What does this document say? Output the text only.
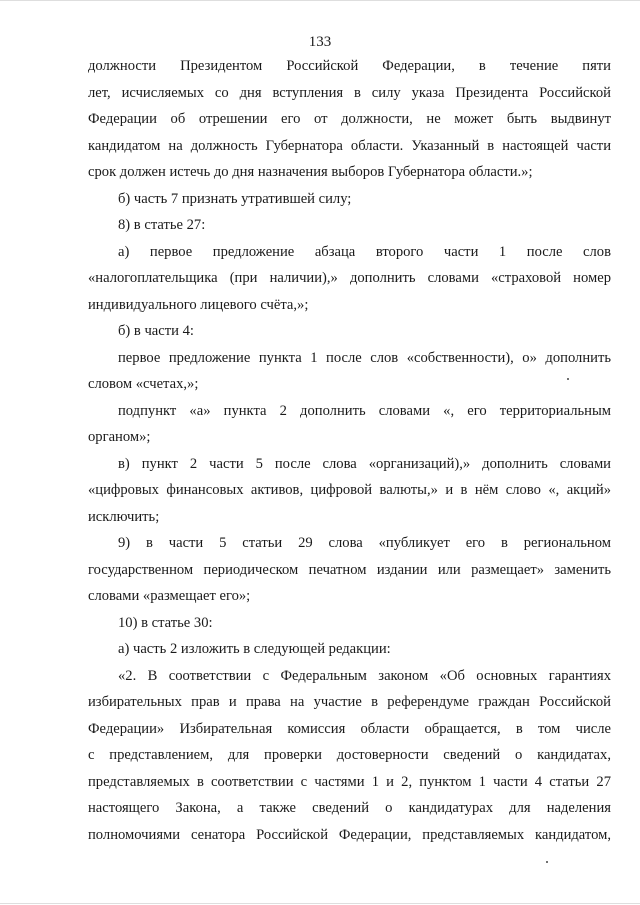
133
должности Президентом Российской Федерации, в течение пяти
лет, исчисляемых со дня вступления в силу указа Президента Российской
Федерации об отрешении его от должности, не может быть выдвинут
кандидатом на должность Губернатора области. Указанный в настоящей части
срок должен истечь до дня назначения выборов Губернатора области.»;
б) часть 7 признать утратившей силу;
8) в статье 27:
а) первое предложение абзаца второго части 1 после слов
«налогоплательщика (при наличии),» дополнить словами «страховой номер
индивидуального лицевого счёта,»;
б) в части 4:
первое предложение пункта 1 после слов «собственности), о» дополнить
словом «счетах,»;
подпункт «а» пункта 2 дополнить словами «, его территориальным
органом»;
в) пункт 2 части 5 после слова «организаций),» дополнить словами
«цифровых финансовых активов, цифровой валюты,» и в нём слово «, акций»
исключить;
9) в части 5 статьи 29 слова «публикует его в региональном
государственном периодическом печатном издании или размещает» заменить
словами «размещает его»;
10) в статье 30:
а) часть 2 изложить в следующей редакции:
«2. В соответствии с Федеральным законом «Об основных гарантиях
избирательных прав и права на участие в референдуме граждан Российской
Федерации» Избирательная комиссия области обращается, в том числе
с представлением, для проверки достоверности сведений о кандидатах,
представляемых в соответствии с частями 1 и 2, пунктом 1 части 4 статьи 27
настоящего Закона, а также сведений о кандидатурах для наделения
полномочиями сенатора Российской Федерации, представляемых кандидатом,
